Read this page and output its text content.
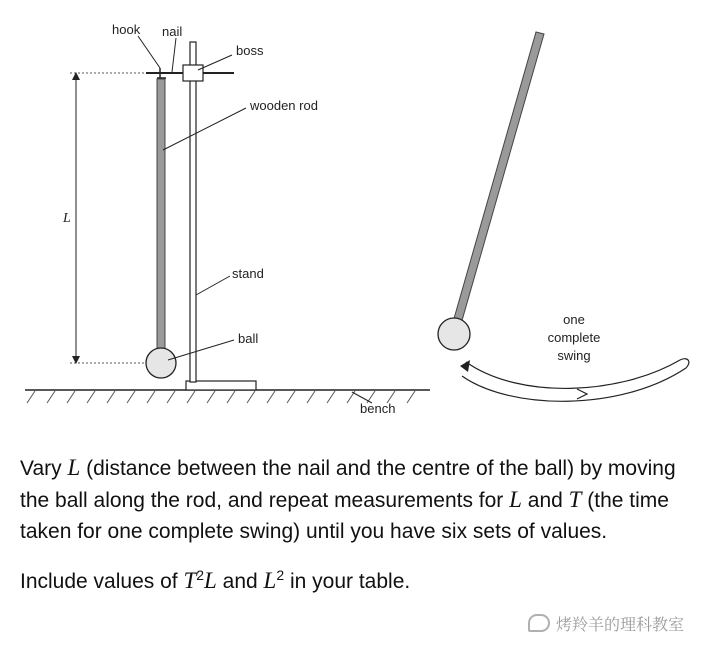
L
hook nail
boss
wooden rod
stand
ball
bench
one
complete
swing

Vary L (distance between the nail and the centre of the ball) by moving the ball along the rod, and repeat measurements for L and T (the time taken for one complete swing) until you have six sets of values.

Include values of $T^2L$ and $L^2$ in your table.

烤羚羊的理科教室
